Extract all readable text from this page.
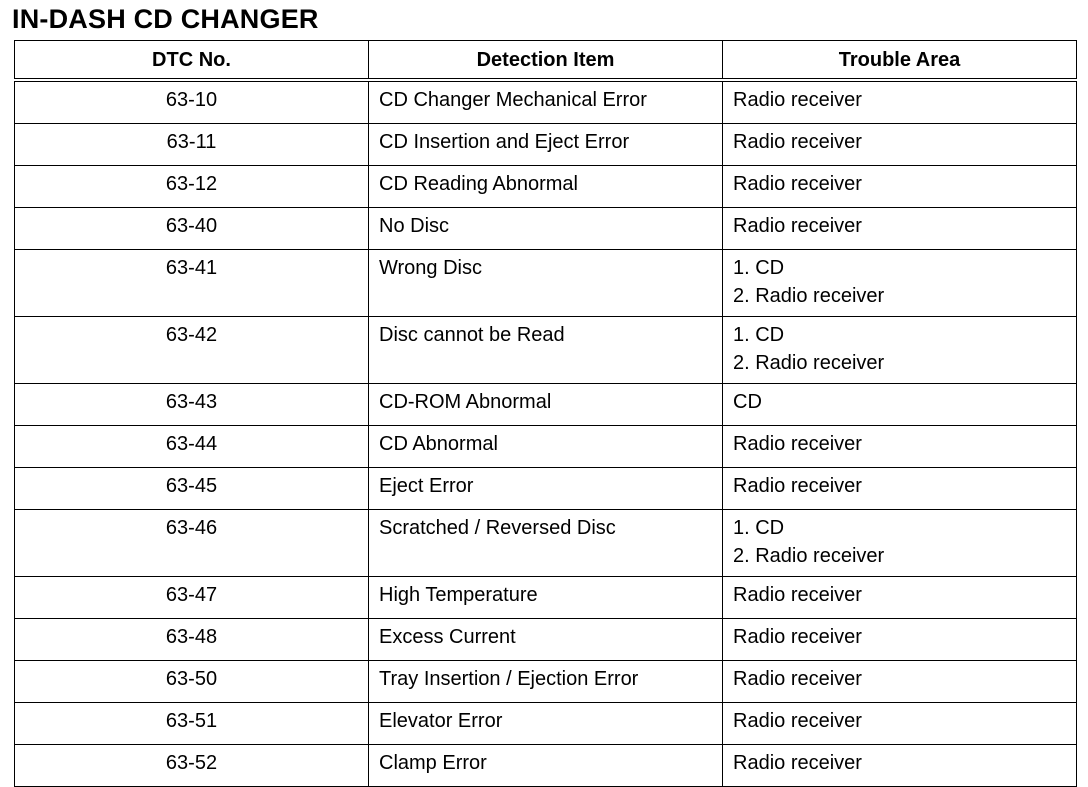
IN-DASH CD CHANGER
DTC No.	Detection Item	Trouble Area
63-10	CD Changer Mechanical Error	Radio receiver

63-11	CD Insertion and Eject Error	Radio receiver

63-12	CD Reading Abnormal	Radio receiver

63-40	No Disc	Radio receiver

63-41	Wrong Disc	1. CD
2. Radio receiver

63-42	Disc cannot be Read	1. CD
2. Radio receiver

63-43	CD-ROM Abnormal	CD

63-44	CD Abnormal	Radio receiver

63-45	Eject Error	Radio receiver

63-46	Scratched / Reversed Disc	1. CD
2. Radio receiver

63-47	High Temperature	Radio receiver

63-48	Excess Current	Radio receiver

63-50	Tray Insertion / Ejection Error	Radio receiver

63-51	Elevator Error	Radio receiver

63-52	Clamp Error	Radio receiver
